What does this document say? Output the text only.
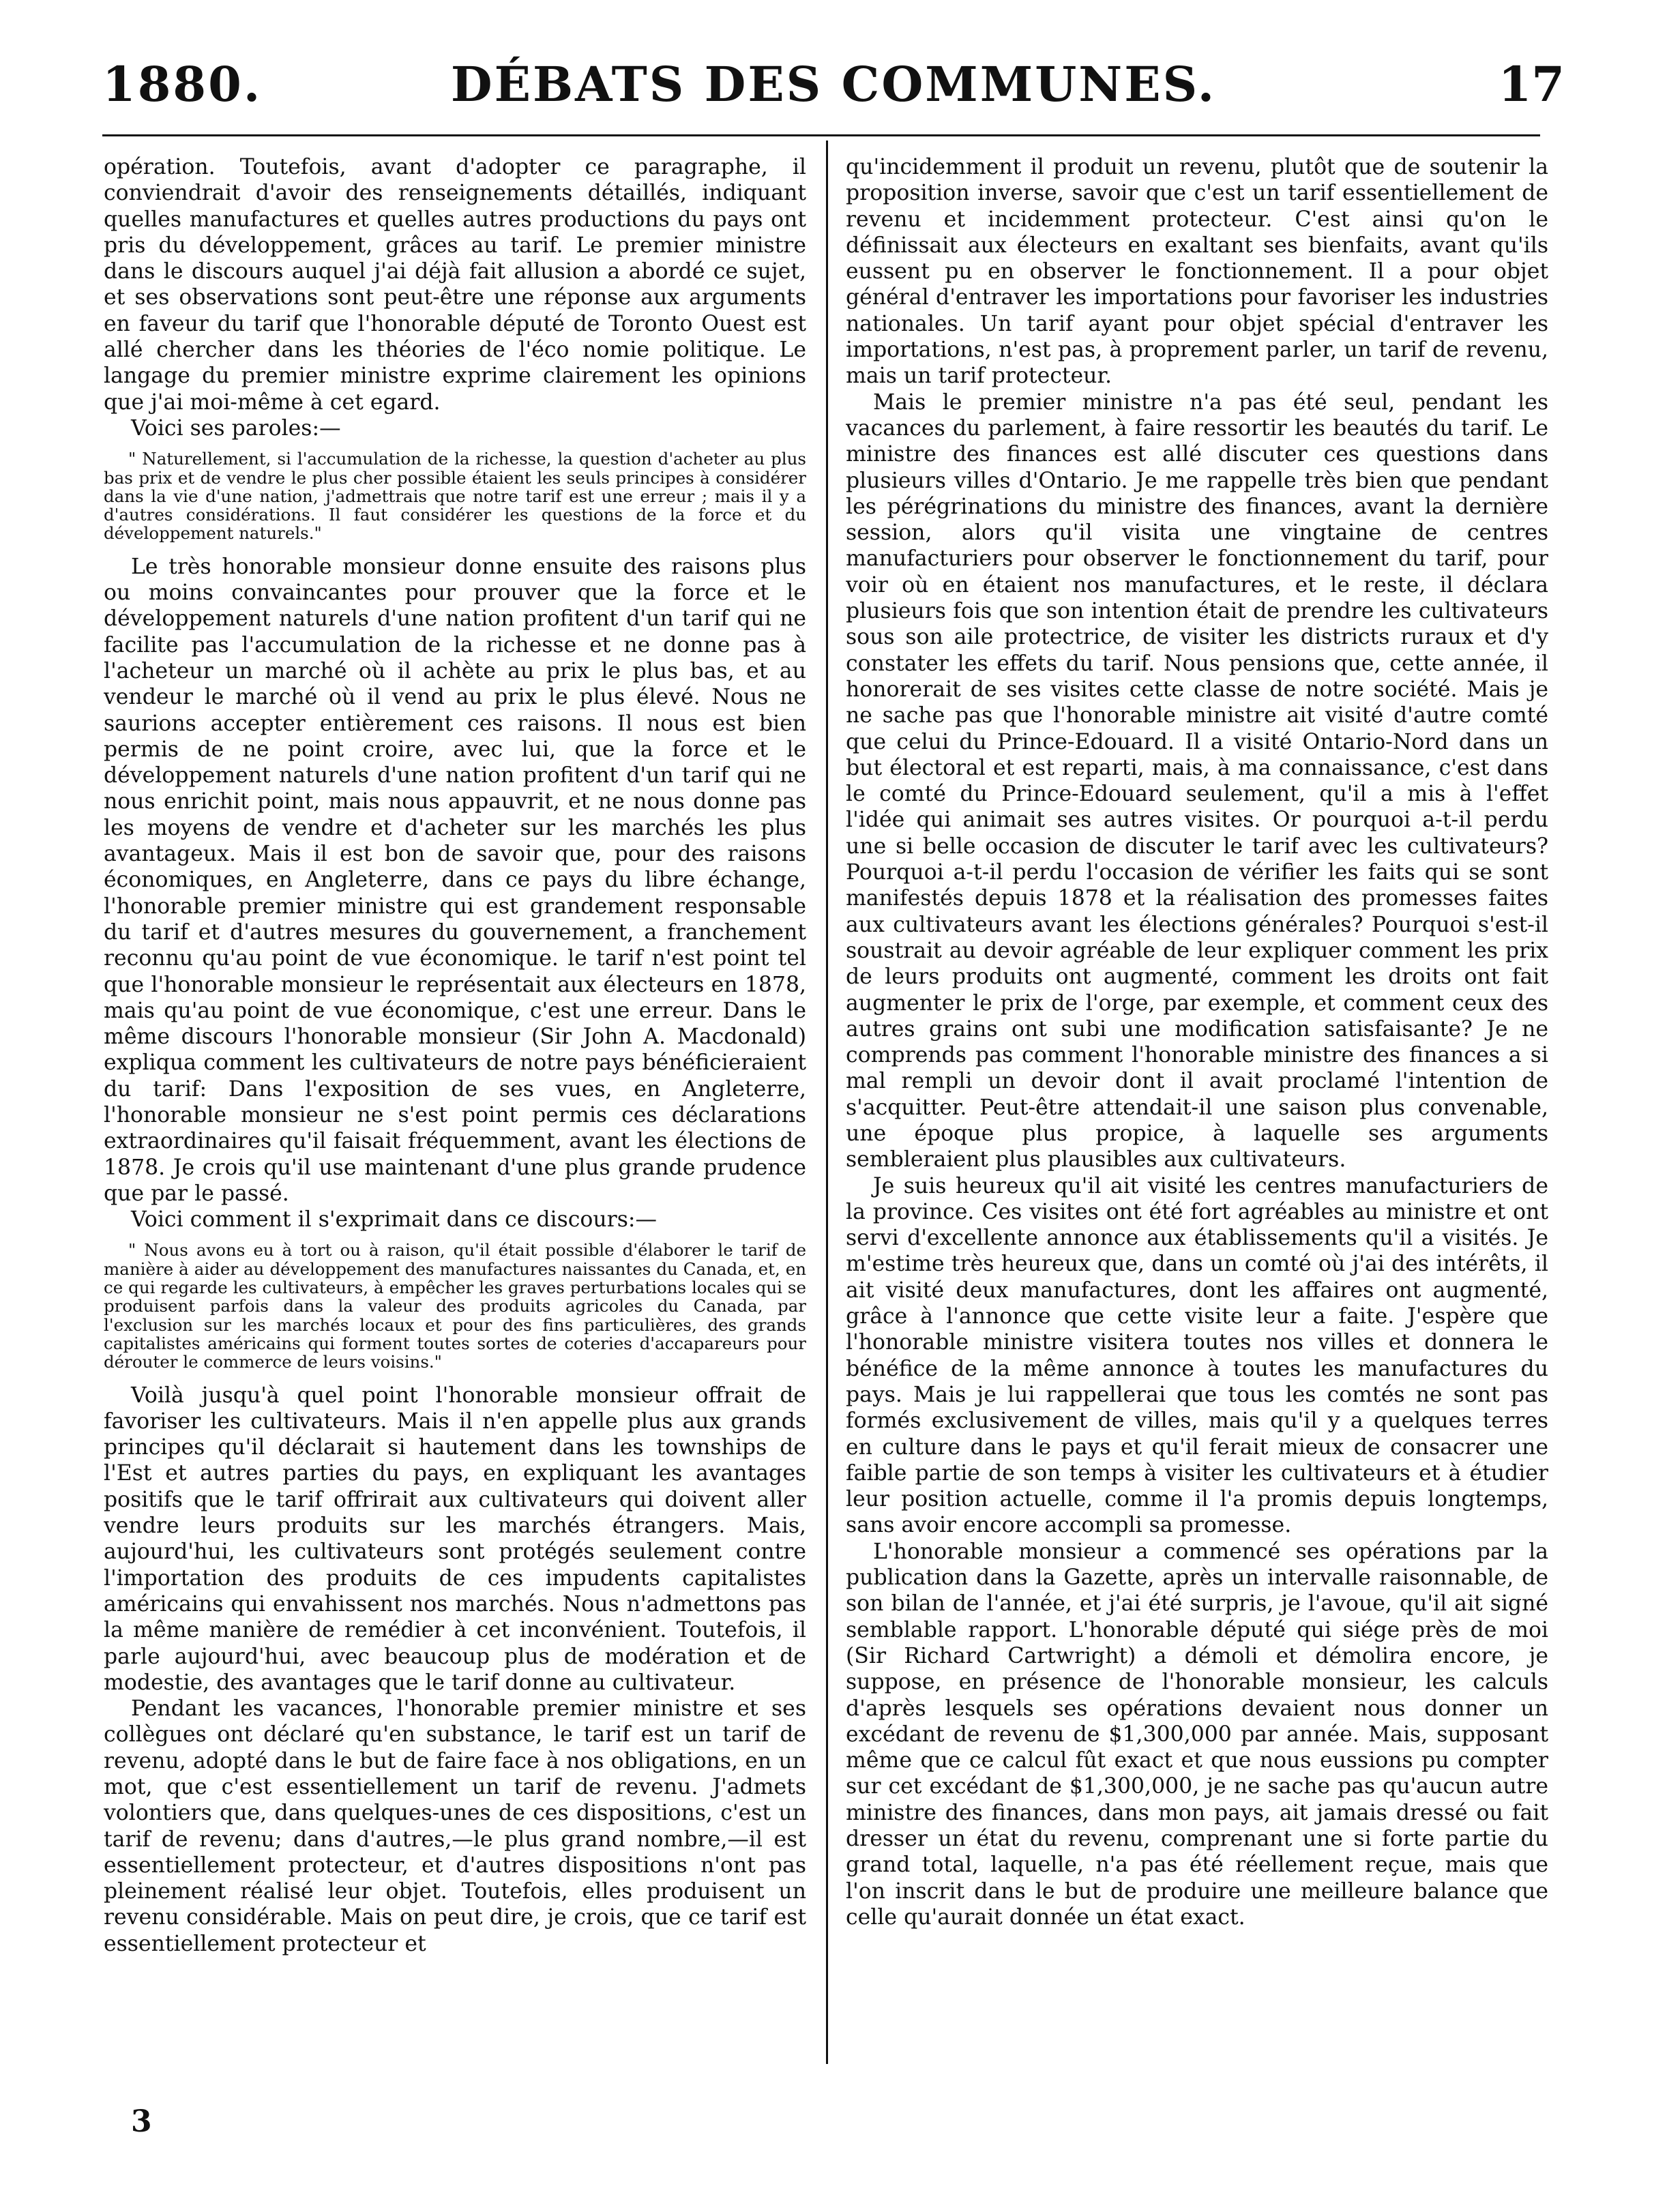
1880.	DÉBATS DES COMMUNES.	17

opération. Toutefois, avant d'adopter ce paragraphe, il conviendrait d'avoir des renseignements détaillés, indiquant quelles manufactures et quelles autres productions du pays ont pris du développement, grâces au tarif. Le premier ministre dans le discours auquel j'ai déjà fait allusion a abordé ce sujet, et ses observations sont peut-être une réponse aux arguments en faveur du tarif que l'honorable député de Toronto Ouest est allé chercher dans les théories de l'éco nomie politique. Le langage du premier ministre exprime clairement les opinions que j'ai moi-même à cet egard.

Voici ses paroles:—

" Naturellement, si l'accumulation de la richesse, la question d'acheter au plus bas prix et de vendre le plus cher possible étaient les seuls principes à considérer dans la vie d'une nation, j'admettrais que notre tarif est une erreur ; mais il y a d'autres considérations. Il faut considérer les questions de la force et du développement naturels."

Le très honorable monsieur donne ensuite des raisons plus ou moins convaincantes pour prouver que la force et le développement naturels d'une nation profitent d'un tarif qui ne facilite pas l'accumulation de la richesse et ne donne pas à l'acheteur un marché où il achète au prix le plus bas, et au vendeur le marché où il vend au prix le plus élevé. Nous ne saurions accepter entièrement ces raisons. Il nous est bien permis de ne point croire, avec lui, que la force et le développement naturels d'une nation profitent d'un tarif qui ne nous enrichit point, mais nous appauvrit, et ne nous donne pas les moyens de vendre et d'acheter sur les marchés les plus avantageux. Mais il est bon de savoir que, pour des raisons économiques, en Angleterre, dans ce pays du libre échange, l'honorable premier ministre qui est grandement responsable du tarif et d'autres mesures du gouvernement, a franchement reconnu qu'au point de vue économique. le tarif n'est point tel que l'honorable monsieur le représentait aux électeurs en 1878, mais qu'au point de vue économique, c'est une erreur. Dans le même discours l'honorable monsieur (Sir John A. Macdonald) expliqua comment les cultivateurs de notre pays bénéficieraient du tarif: Dans l'exposition de ses vues, en Angleterre, l'honorable monsieur ne s'est point permis ces déclarations extraordinaires qu'il faisait fréquemment, avant les élections de 1878. Je crois qu'il use maintenant d'une plus grande prudence que par le passé.

Voici comment il s'exprimait dans ce discours:—

" Nous avons eu à tort ou à raison, qu'il était possible d'élaborer le tarif de manière à aider au développement des manufactures naissantes du Canada, et, en ce qui regarde les cultivateurs, à empêcher les graves perturbations locales qui se produisent parfois dans la valeur des produits agricoles du Canada, par l'exclusion sur les marchés locaux et pour des fins particulières, des grands capitalistes américains qui forment toutes sortes de coteries d'accapareurs pour dérouter le commerce de leurs voisins."

Voilà jusqu'à quel point l'honorable monsieur offrait de favoriser les cultivateurs. Mais il n'en appelle plus aux grands principes qu'il déclarait si hautement dans les townships de l'Est et autres parties du pays, en expliquant les avantages positifs que le tarif offrirait aux cultivateurs qui doivent aller vendre leurs produits sur les marchés étrangers. Mais, aujourd'hui, les cultivateurs sont protégés seulement contre l'importation des produits de ces impudents capitalistes américains qui envahissent nos marchés. Nous n'admettons pas la même manière de remédier à cet inconvénient. Toutefois, il parle aujourd'hui, avec beaucoup plus de modération et de modestie, des avantages que le tarif donne au cultivateur.

Pendant les vacances, l'honorable premier ministre et ses collègues ont déclaré qu'en substance, le tarif est un tarif de revenu, adopté dans le but de faire face à nos obligations, en un mot, que c'est essentiellement un tarif de revenu. J'admets volontiers que, dans quelques-unes de ces dispositions, c'est un tarif de revenu; dans d'autres,—le plus grand nombre,—il est essentiellement protecteur, et d'autres dispositions n'ont pas pleinement réalisé leur objet. Toutefois, elles produisent un revenu considérable. Mais on peut dire, je crois, que ce tarif est essentiellement protecteur et

qu'incidemment il produit un revenu, plutôt que de soutenir la proposition inverse, savoir que c'est un tarif essentiellement de revenu et incidemment protecteur. C'est ainsi qu'on le définissait aux électeurs en exaltant ses bienfaits, avant qu'ils eussent pu en observer le fonctionnement. Il a pour objet général d'entraver les importations pour favoriser les industries nationales. Un tarif ayant pour objet spécial d'entraver les importations, n'est pas, à proprement parler, un tarif de revenu, mais un tarif protecteur.

Mais le premier ministre n'a pas été seul, pendant les vacances du parlement, à faire ressortir les beautés du tarif. Le ministre des finances est allé discuter ces questions dans plusieurs villes d'Ontario. Je me rappelle très bien que pendant les pérégrinations du ministre des finances, avant la dernière session, alors qu'il visita une vingtaine de centres manufacturiers pour observer le fonctionnement du tarif, pour voir où en étaient nos manufactures, et le reste, il déclara plusieurs fois que son intention était de prendre les cultivateurs sous son aile protectrice, de visiter les districts ruraux et d'y constater les effets du tarif. Nous pensions que, cette année, il honorerait de ses visites cette classe de notre société. Mais je ne sache pas que l'honorable ministre ait visité d'autre comté que celui du Prince-Edouard. Il a visité Ontario-Nord dans un but électoral et est reparti, mais, à ma connaissance, c'est dans le comté du Prince-Edouard seulement, qu'il a mis à l'effet l'idée qui animait ses autres visites. Or pourquoi a-t-il perdu une si belle occasion de discuter le tarif avec les cultivateurs? Pourquoi a-t-il perdu l'occasion de vérifier les faits qui se sont manifestés depuis 1878 et la réalisation des promesses faites aux cultivateurs avant les élections générales? Pourquoi s'est-il soustrait au devoir agréable de leur expliquer comment les prix de leurs produits ont augmenté, comment les droits ont fait augmenter le prix de l'orge, par exemple, et comment ceux des autres grains ont subi une modification satisfaisante? Je ne comprends pas comment l'honorable ministre des finances a si mal rempli un devoir dont il avait proclamé l'intention de s'acquitter. Peut-être attendait-il une saison plus convenable, une époque plus propice, à laquelle ses arguments sembleraient plus plausibles aux cultivateurs.

Je suis heureux qu'il ait visité les centres manufacturiers de la province. Ces visites ont été fort agréables au ministre et ont servi d'excellente annonce aux établissements qu'il a visités. Je m'estime très heureux que, dans un comté où j'ai des intérêts, il ait visité deux manufactures, dont les affaires ont augmenté, grâce à l'annonce que cette visite leur a faite. J'espère que l'honorable ministre visitera toutes nos villes et donnera le bénéfice de la même annonce à toutes les manufactures du pays. Mais je lui rappellerai que tous les comtés ne sont pas formés exclusivement de villes, mais qu'il y a quelques terres en culture dans le pays et qu'il ferait mieux de consacrer une faible partie de son temps à visiter les cultivateurs et à étudier leur position actuelle, comme il l'a promis depuis longtemps, sans avoir encore accompli sa promesse.

L'honorable monsieur a commencé ses opérations par la publication dans la Gazette, après un intervalle raisonnable, de son bilan de l'année, et j'ai été surpris, je l'avoue, qu'il ait signé semblable rapport. L'honorable député qui siége près de moi (Sir Richard Cartwright) a démoli et démolira encore, je suppose, en présence de l'honorable monsieur, les calculs d'après lesquels ses opérations devaient nous donner un excédant de revenu de $1,300,000 par année. Mais, supposant même que ce calcul fût exact et que nous eussions pu compter sur cet excédant de $1,300,000, je ne sache pas qu'aucun autre ministre des finances, dans mon pays, ait jamais dressé ou fait dresser un état du revenu, comprenant une si forte partie du grand total, laquelle, n'a pas été réellement reçue, mais que l'on inscrit dans le but de produire une meilleure balance que celle qu'aurait donnée un état exact.

3
